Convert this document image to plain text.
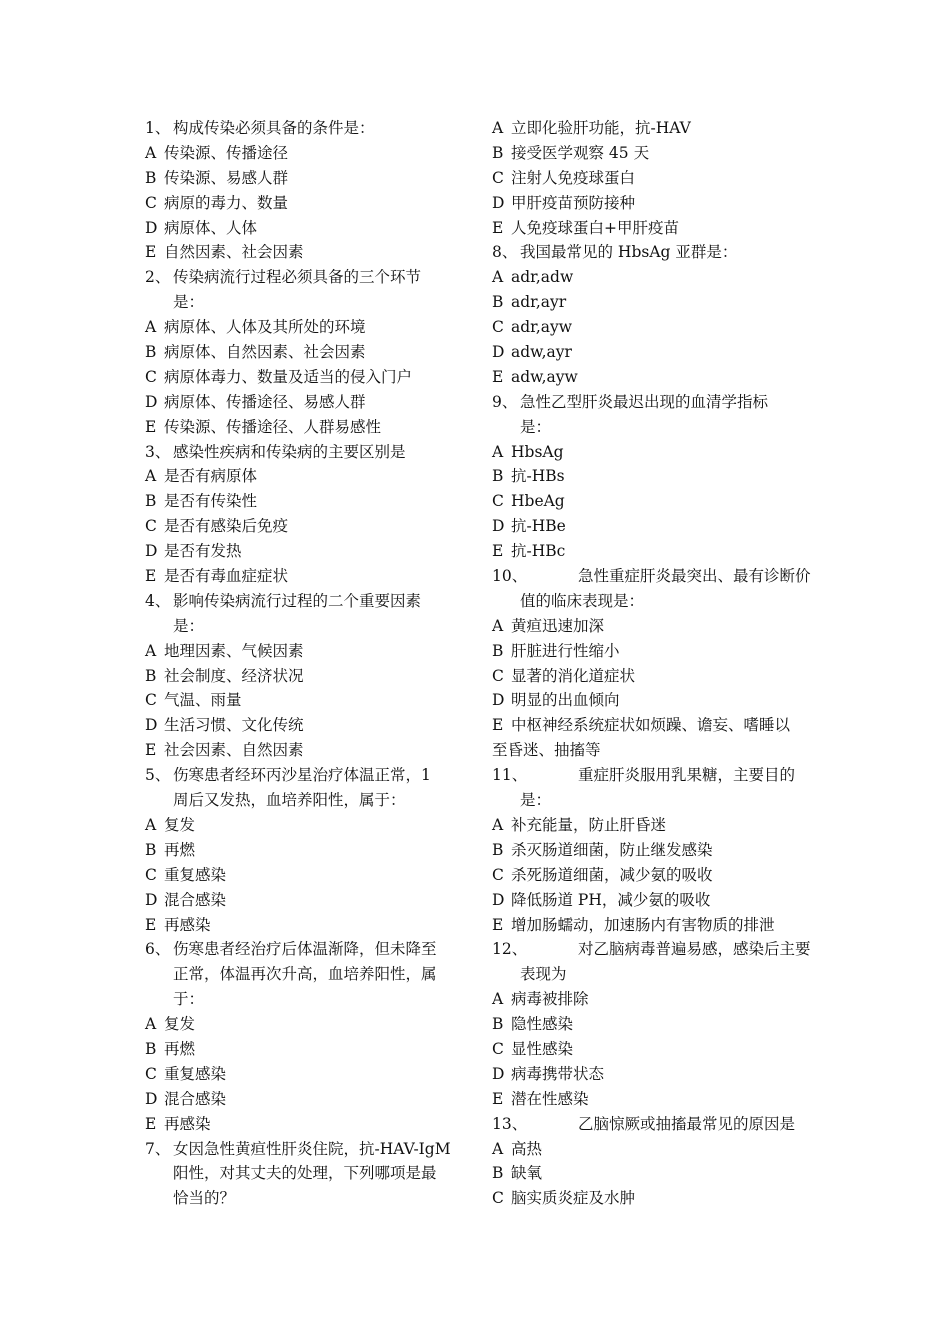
1、 构成传染必须具备的条件是：
A 传染源、传播途径
B 传染源、易感人群
C 病原的毒力、数量
D 病原体、人体
E 自然因素、社会因素
2、 传染病流行过程必须具备的三个环节
是：
A 病原体、人体及其所处的环境
B 病原体、自然因素、社会因素
C 病原体毒力、数量及适当的侵入门户
D 病原体、传播途径、易感人群
E 传染源、传播途径、人群易感性
3、 感染性疾病和传染病的主要区别是
A 是否有病原体
B 是否有传染性
C 是否有感染后免疫
D 是否有发热
E 是否有毒血症症状
4、 影响传染病流行过程的二个重要因素
是：
A 地理因素、气候因素
B 社会制度、经济状况
C 气温、雨量
D 生活习惯、文化传统
E 社会因素、自然因素
5、 伤寒患者经环丙沙星治疗体温正常，1
周后又发热，血培养阳性，属于：
A 复发
B 再燃
C 重复感染
D 混合感染
E 再感染
6、 伤寒患者经治疗后体温渐降，但未降至
正常，体温再次升高，血培养阳性，属
于：
A 复发
B 再燃
C 重复感染
D 混合感染
E 再感染
7、 女因急性黄疸性肝炎住院，抗-HAV-IgM
阳性，对其丈夫的处理，下列哪项是最
恰当的？
A 立即化验肝功能，抗-HAV
B 接受医学观察 45 天
C 注射人免疫球蛋白
D 甲肝疫苗预防接种
E 人免疫球蛋白+甲肝疫苗
8、 我国最常见的 HbsAg 亚群是：
A adr,adw
B adr,ayr
C adr,ayw
D adw,ayr
E adw,ayw
9、 急性乙型肝炎最迟出现的血清学指标
是：
A HbsAg
B 抗-HBs
C HbeAg
D 抗-HBe
E 抗-HBc
10、	急性重症肝炎最突出、最有诊断价
值的临床表现是：
A 黄疸迅速加深
B 肝脏进行性缩小
C 显著的消化道症状
D 明显的出血倾向
E 中枢神经系统症状如烦躁、谵妄、嗜睡以
至昏迷、抽搐等
11、	重症肝炎服用乳果糖，主要目的
是：
A 补充能量，防止肝昏迷
B 杀灭肠道细菌，防止继发感染
C 杀死肠道细菌，减少氨的吸收
D 降低肠道 PH，减少氨的吸收
E 增加肠蠕动，加速肠内有害物质的排泄
12、	对乙脑病毒普遍易感，感染后主要
表现为
A 病毒被排除
B 隐性感染
C 显性感染
D 病毒携带状态
E 潜在性感染
13、	乙脑惊厥或抽搐最常见的原因是
A 高热
B 缺氧
C 脑实质炎症及水肿
